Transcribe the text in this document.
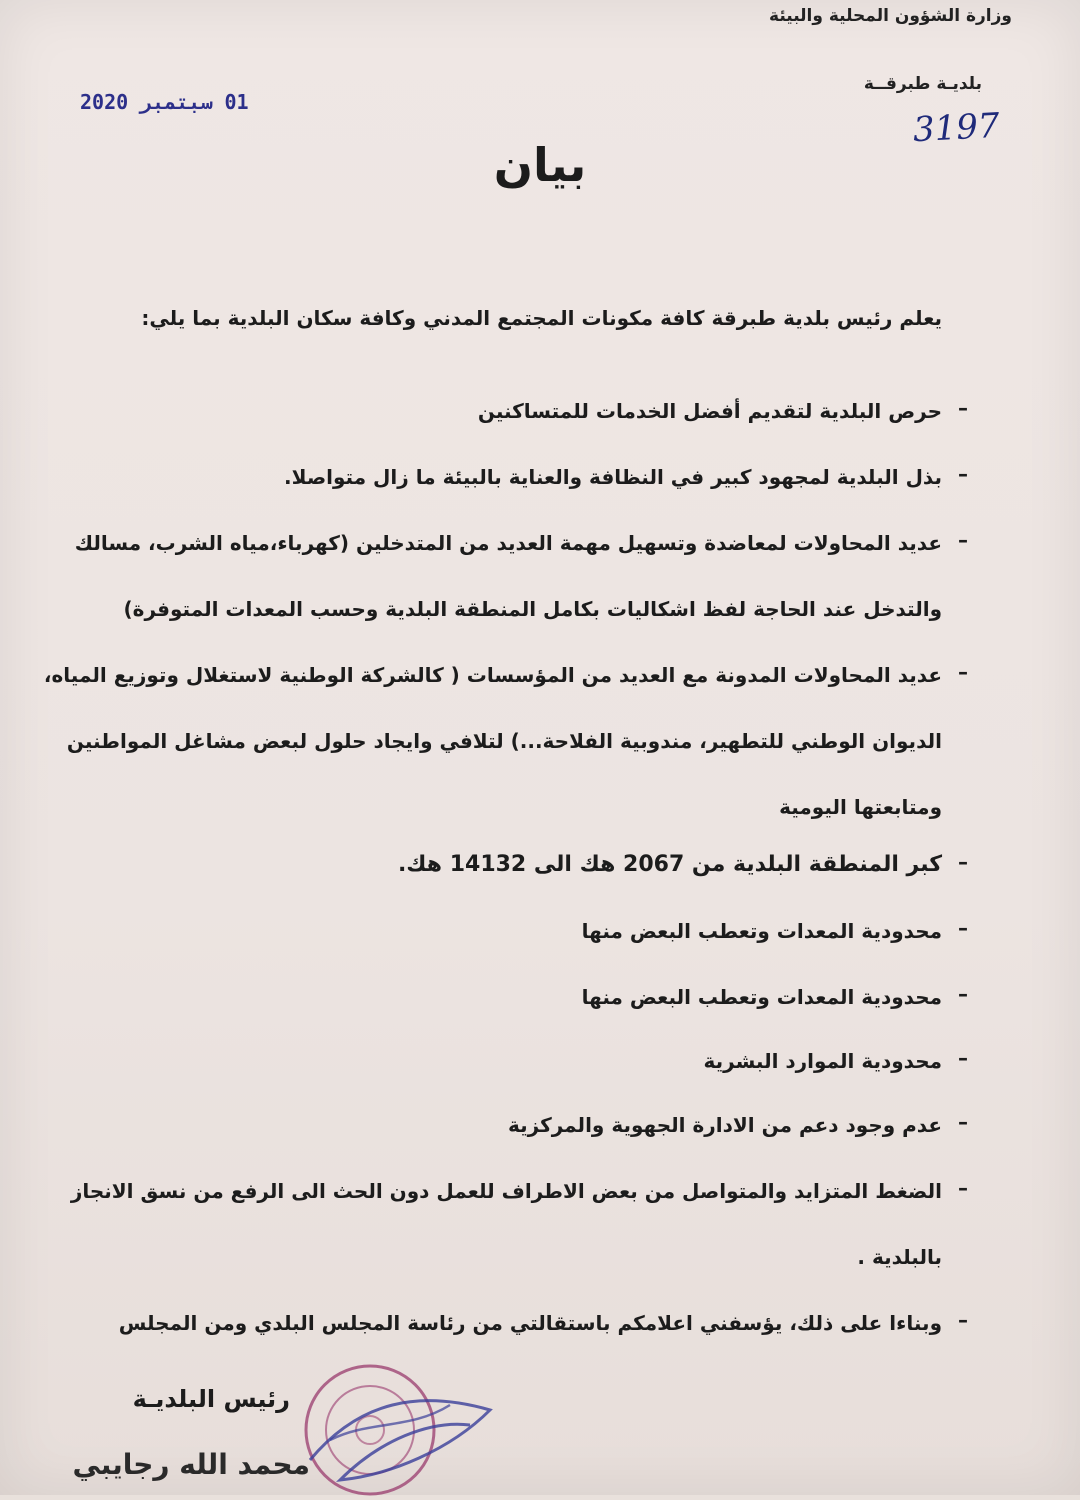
وزارة الشؤون المحلية والبيئة
بلديـة طبرقــة
3197
01 سبتمبر 2020
بيان
يعلم رئيس بلدية طبرقة كافة مكونات المجتمع المدني وكافة سكان البلدية بما يلي:
–
حرص البلدية لتقديم أفضل الخدمات للمتساكنين
–
بذل البلدية لمجهود كبير في النظافة والعناية بالبيئة ما زال متواصلا.
–
عديد المحاولات لمعاضدة وتسهيل مهمة العديد من المتدخلين (كهرباء،مياه الشرب، مسالك
والتدخل عند الحاجة لفظ اشكاليات بكامل المنطقة البلدية وحسب المعدات المتوفرة)
–
عديد المحاولات المدونة مع العديد من المؤسسات ( كالشركة الوطنية لاستغلال وتوزيع المياه،
الديوان الوطني للتطهير، مندوبية الفلاحة...) لتلافي وايجاد حلول لبعض مشاغل المواطنين
ومتابعتها اليومية
–
كبر المنطقة البلدية من 2067 هك الى 14132 هك.
–
محدودية المعدات وتعطب البعض منها
–
محدودية المعدات وتعطب البعض منها
–
محدودية الموارد البشرية
–
عدم وجود دعم من الادارة الجهوية والمركزية
–
الضغط المتزايد والمتواصل من بعض الاطراف للعمل دون الحث الى الرفع من نسق الانجاز
بالبلدية .
–
وبناءا على ذلك، يؤسفني اعلامكم باستقالتي من رئاسة المجلس البلدي ومن المجلس
رئيس البلديـة
محمد الله رجايبي
